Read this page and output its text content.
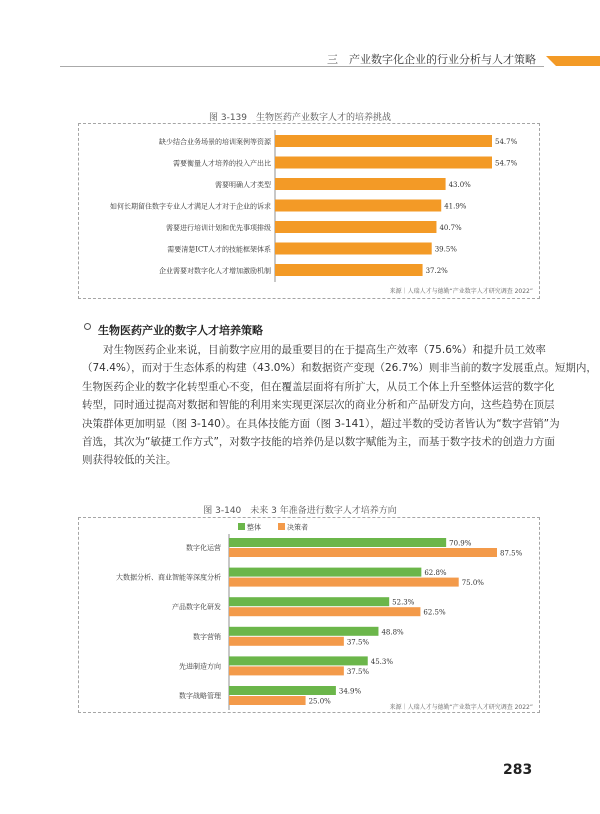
三　产业数字化企业的行业分析与人才策略
图 3-139　生物医药产业数字人才的培养挑战
缺少结合业务场景的培训案例等资源	54.7%
需要衡量人才培养的投入产出比	54.7%
需要明确人才类型	43.0%
如何长期留住数字专业人才满足人才对于企业的诉求	41.9%
需要进行培训计划和优先事项排级	40.7%
需要清楚ICT人才的技能框架体系	39.5%
企业需要对数字化人才增加激励机制	37.2%
来源｜人瑞人才与德勤“产业数字人才研究调查 2022”
生物医药产业的数字人才培养策略
对生物医药企业来说，目前数字应用的最重要目的在于提高生产效率（75.6%）和提升员工效率
（74.4%），而对于生态体系的构建（43.0%）和数据资产变现（26.7%）则非当前的数字发展重点。短期内，
生物医药企业的数字化转型重心不变，但在覆盖层面将有所扩大，从员工个体上升至整体运营的数字化
转型，同时通过提高对数据和智能的利用来实现更深层次的商业分析和产品研发方向，这些趋势在顶层
决策群体更加明显（图 3-140）。在具体技能方面（图 3-141），超过半数的受访者皆认为“数字营销”为
首选，其次为“敏捷工作方式”，对数字技能的培养仍是以数字赋能为主，而基于数字技术的创造力方面
则获得较低的关注。
图 3-140　未来 3 年准备进行数字人才培养方向
整体	决策者
数字化运营
70.9%
87.5%
大数据分析、商业智能等深度分析
62.8%
75.0%
产品数字化研发
52.3%
62.5%
数字营销
48.8%
37.5%
先进制造方向
45.3%
37.5%
数字战略管理
34.9%
25.0%
来源｜人瑞人才与德勤“产业数字人才研究调查 2022”
283
